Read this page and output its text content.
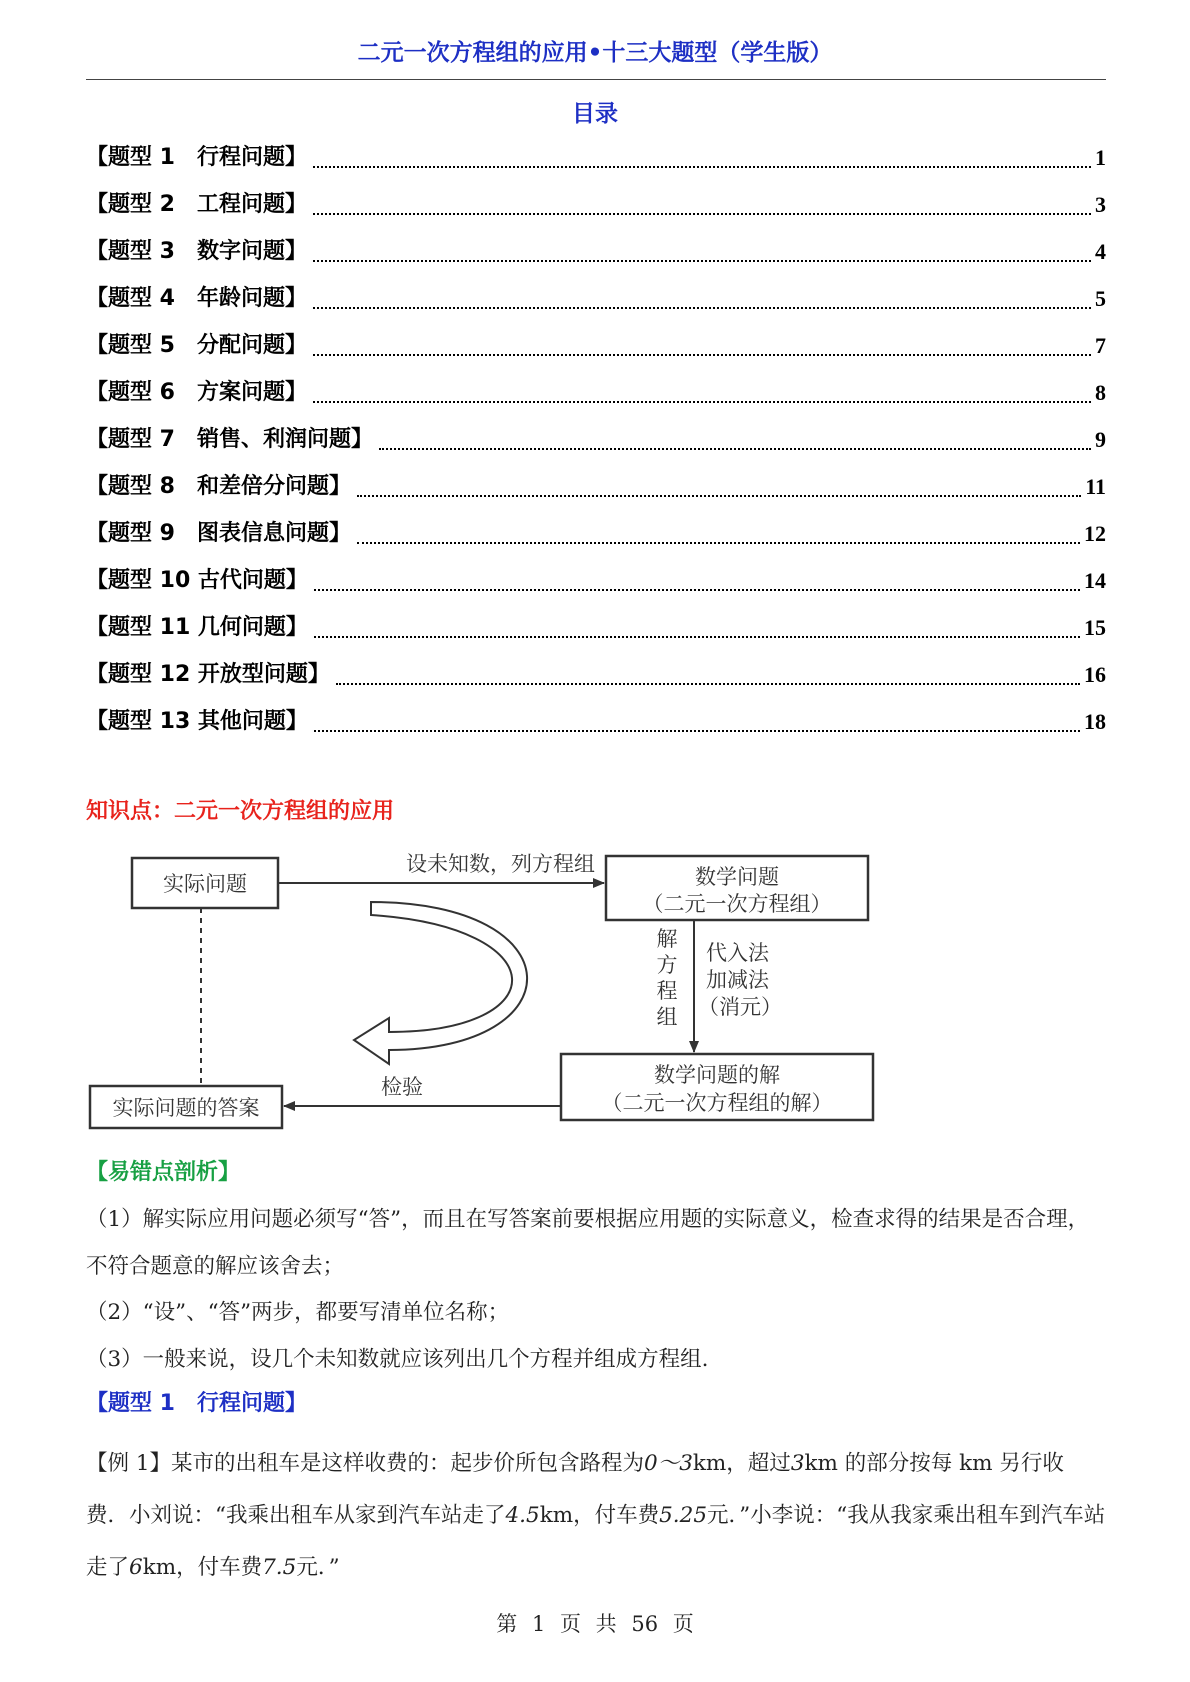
二元一次方程组的应用•十三大题型（学生版）
目录
【题型 1　行程问题】	1
【题型 2　工程问题】	3
【题型 3　数字问题】	4
【题型 4　年龄问题】	5
【题型 5　分配问题】	7
【题型 6　方案问题】	8
【题型 7　销售、利润问题】	9
【题型 8　和差倍分问题】	11
【题型 9　图表信息问题】	12
【题型 10 古代问题】	14
【题型 11 几何问题】	15
【题型 12 开放型问题】	16
【题型 13 其他问题】	18
知识点：二元一次方程组的应用
实际问题
设未知数，列方程组
数学问题
（二元一次方程组）
解
方
程
组
代入法
加减法
（消元）
数学问题的解
（二元一次方程组的解）
检验
实际问题的答案
【易错点剖析】
（1）解实际应用问题必须写“答”，而且在写答案前要根据应用题的实际意义，检查求得的结果是否合理，不符合题意的解应该舍去；
（2）“设”、“答”两步，都要写清单位名称；
（3）一般来说，设几个未知数就应该列出几个方程并组成方程组.
【题型 1　行程问题】
【例 1】某市的出租车是这样收费的：起步价所包含路程为0～3km，超过3km 的部分按每 km 另行收费．小刘说：“我乘出租车从家到汽车站走了4.5km，付车费5.25元．”小李说：“我从我家乘出租车到汽车站走了6km，付车费7.5元．”
第 1 页 共 56 页
